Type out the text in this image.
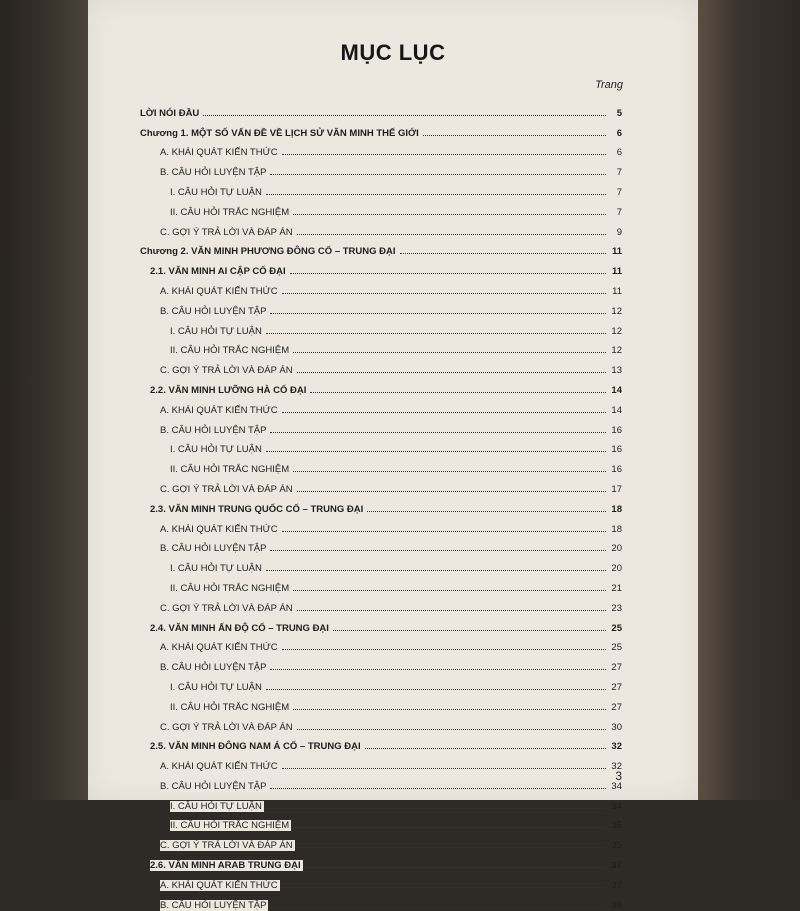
MỤC LỤC
Trang
LỜI NÓI ĐẦU	5
Chương 1. MỘT SỐ VẤN ĐỀ VỀ LỊCH SỬ VĂN MINH THẾ GIỚI	6
A. KHÁI QUÁT KIẾN THỨC	6
B. CÂU HỎI LUYỆN TẬP	7
I. CÂU HỎI TỰ LUẬN	7
II. CÂU HỎI TRẮC NGHIỆM	7
C. GỢI Ý TRẢ LỜI VÀ ĐÁP ÁN	9
Chương 2. VĂN MINH PHƯƠNG ĐÔNG CỔ – TRUNG ĐẠI	11
2.1. VĂN MINH AI CẬP CỔ ĐẠI	11
A. KHÁI QUÁT KIẾN THỨC	11
B. CÂU HỎI LUYỆN TẬP	12
I. CÂU HỎI TỰ LUẬN	12
II. CÂU HỎI TRẮC NGHIỆM	12
C. GỢI Ý TRẢ LỜI VÀ ĐÁP ÁN	13
2.2. VĂN MINH LƯỠNG HÀ CỔ ĐẠI	14
A. KHÁI QUÁT KIẾN THỨC	14
B. CÂU HỎI LUYỆN TẬP	16
I. CÂU HỎI TỰ LUẬN	16
II. CÂU HỎI TRẮC NGHIỆM	16
C. GỢI Ý TRẢ LỜI VÀ ĐÁP ÁN	17
2.3. VĂN MINH TRUNG QUỐC CỔ – TRUNG ĐẠI	18
A. KHÁI QUÁT KIẾN THỨC	18
B. CÂU HỎI LUYỆN TẬP	20
I. CÂU HỎI TỰ LUẬN	20
II. CÂU HỎI TRẮC NGHIỆM	21
C. GỢI Ý TRẢ LỜI VÀ ĐÁP ÁN	23
2.4. VĂN MINH ẤN ĐỘ CỔ – TRUNG ĐẠI	25
A. KHÁI QUÁT KIẾN THỨC	25
B. CÂU HỎI LUYỆN TẬP	27
I. CÂU HỎI TỰ LUẬN	27
II. CÂU HỎI TRẮC NGHIỆM	27
C. GỢI Ý TRẢ LỜI VÀ ĐÁP ÁN	30
2.5. VĂN MINH ĐÔNG NAM Á CỔ – TRUNG ĐẠI	32
A. KHÁI QUÁT KIẾN THỨC	32
B. CÂU HỎI LUYỆN TẬP	34
I. CÂU HỎI TỰ LUẬN	34
II. CÂU HỎI TRẮC NGHIỆM	35
C. GỢI Ý TRẢ LỜI VÀ ĐÁP ÁN	35
2.6. VĂN MINH ARAB TRUNG ĐẠI	37
A. KHÁI QUÁT KIẾN THỨC	37
B. CÂU HỎI LUYỆN TẬP	38
3
